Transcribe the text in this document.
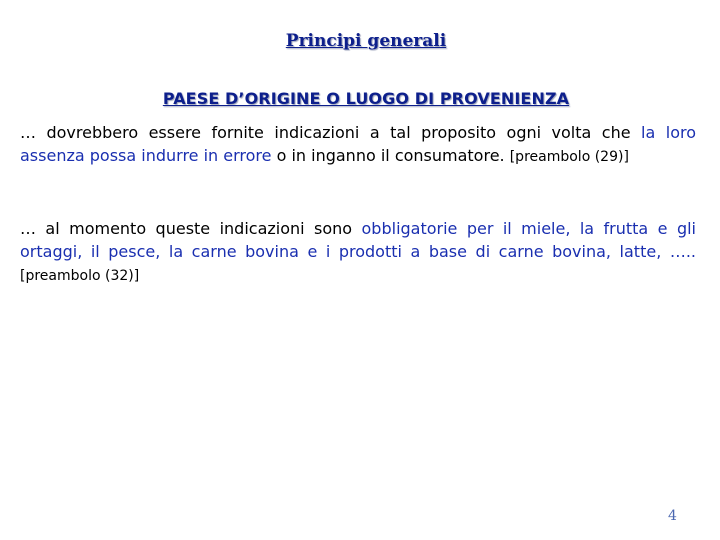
Principi generali
PAESE D’ORIGINE O LUOGO DI PROVENIENZA

… dovrebbero essere fornite indicazioni a tal proposito ogni volta che la loro assenza possa indurre in errore o in inganno il consumatore. [preambolo (29)]

… al momento queste indicazioni sono obbligatorie per il miele, la frutta e gli ortaggi, il pesce, la carne bovina e i prodotti a base di carne bovina, latte, ….. [preambolo (32)]

4
